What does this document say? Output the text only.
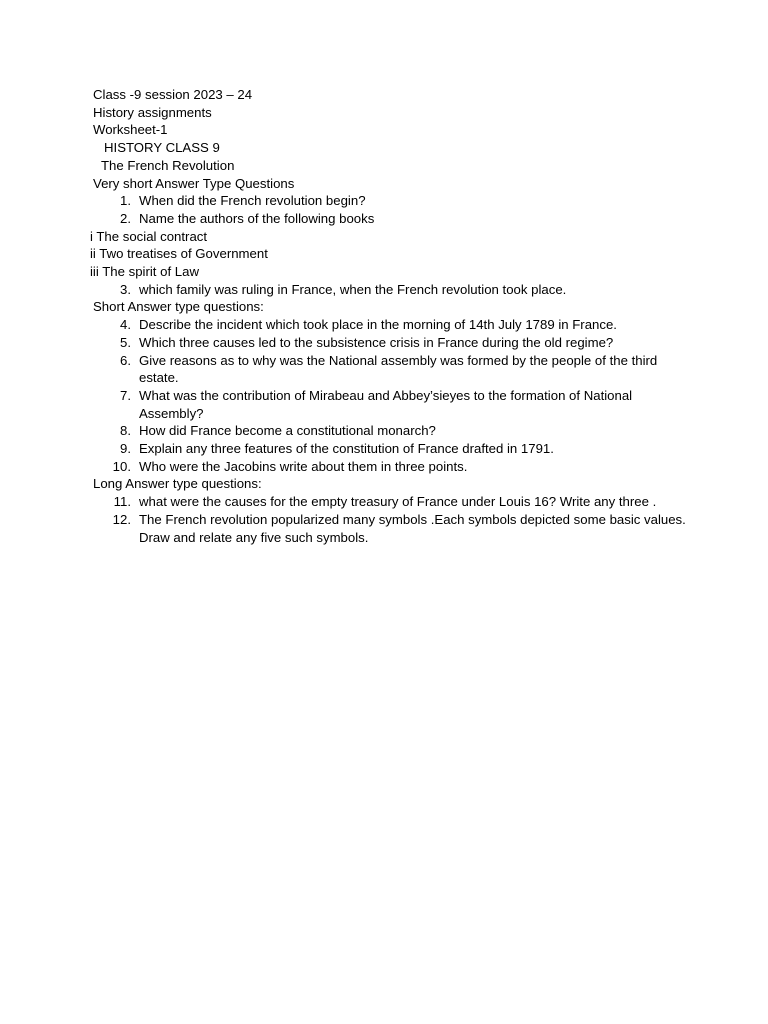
Class -9 session 2023 – 24

History assignments

Worksheet-1

HISTORY CLASS 9

The French Revolution

Very short Answer Type Questions

1. When did the French revolution begin?
2. Name the authors of the following books

i The social contract

ii Two treatises of Government

iii The spirit of Law

3. which family was ruling in France, when the French revolution took place.

Short Answer type questions:

4. Describe the incident which took place in the morning of 14th July 1789 in France.
5. Which three causes led to the subsistence crisis in France during the old regime?
6. Give reasons as to why was the National assembly was formed by the people of the third estate.
7. What was the contribution of Mirabeau and Abbey’sieyes to the formation of National Assembly?
8. How did France become a constitutional monarch?
9. Explain any three features of the constitution of France drafted in 1791.
10. Who were the Jacobins write about them in three points.

Long Answer type questions:

11. what were the causes for the empty treasury of France under Louis 16? Write any three .
12. The French revolution popularized many symbols .Each symbols depicted some basic values. Draw and relate any five such symbols.
